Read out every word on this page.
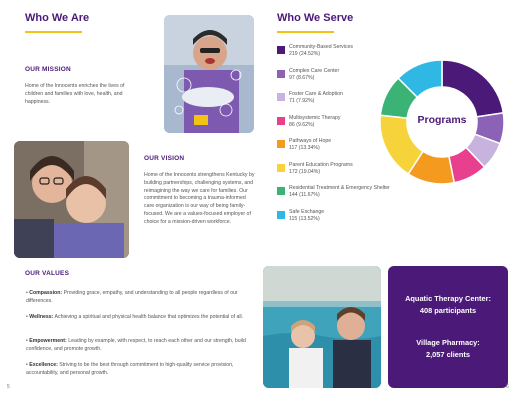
Who We Are
OUR MISSION
Home of the Innocents enriches the lives of children and families with love, health, and happiness.
OUR VISION
Home of the Innocents strengthens Kentucky by building partnerships, challenging systems, and reimagining the way we care for families. Our commitment to becoming a trauma-informed care organization is our way of being family-focused. We are a values-focused employer of choice for a mission-driven workforce.
OUR VALUES
• Compassion: Providing grace, empathy, and understanding to all people regardless of our differences.
• Wellness: Achieving a spiritual and physical health balance that optimizes the potential of all.
• Empowerment: Leading by example, with respect, to reach each other and our strength, build confidence, and promote growth.
• Excellence: Striving to be the best through commitment to high-quality service provision, accountability, and personal growth.
5
Who We Serve
Community-Based Services
219 (24.52%)
Complex Care Center
97 (8.67%)
Foster Care & Adoption
71 (7.92%)
Multisystemic Therapy
86 (9.62%)
Pathways of Hope
117 (13.34%)
Parent Education Programs
172 (19.04%)
Residential Treatment & Emergency Shelter
144 (11.67%)
Safe Exchange
115 (13.52%)
Programs
Aquatic Therapy Center:
408 participants
Village Pharmacy:
2,057 clients
6
